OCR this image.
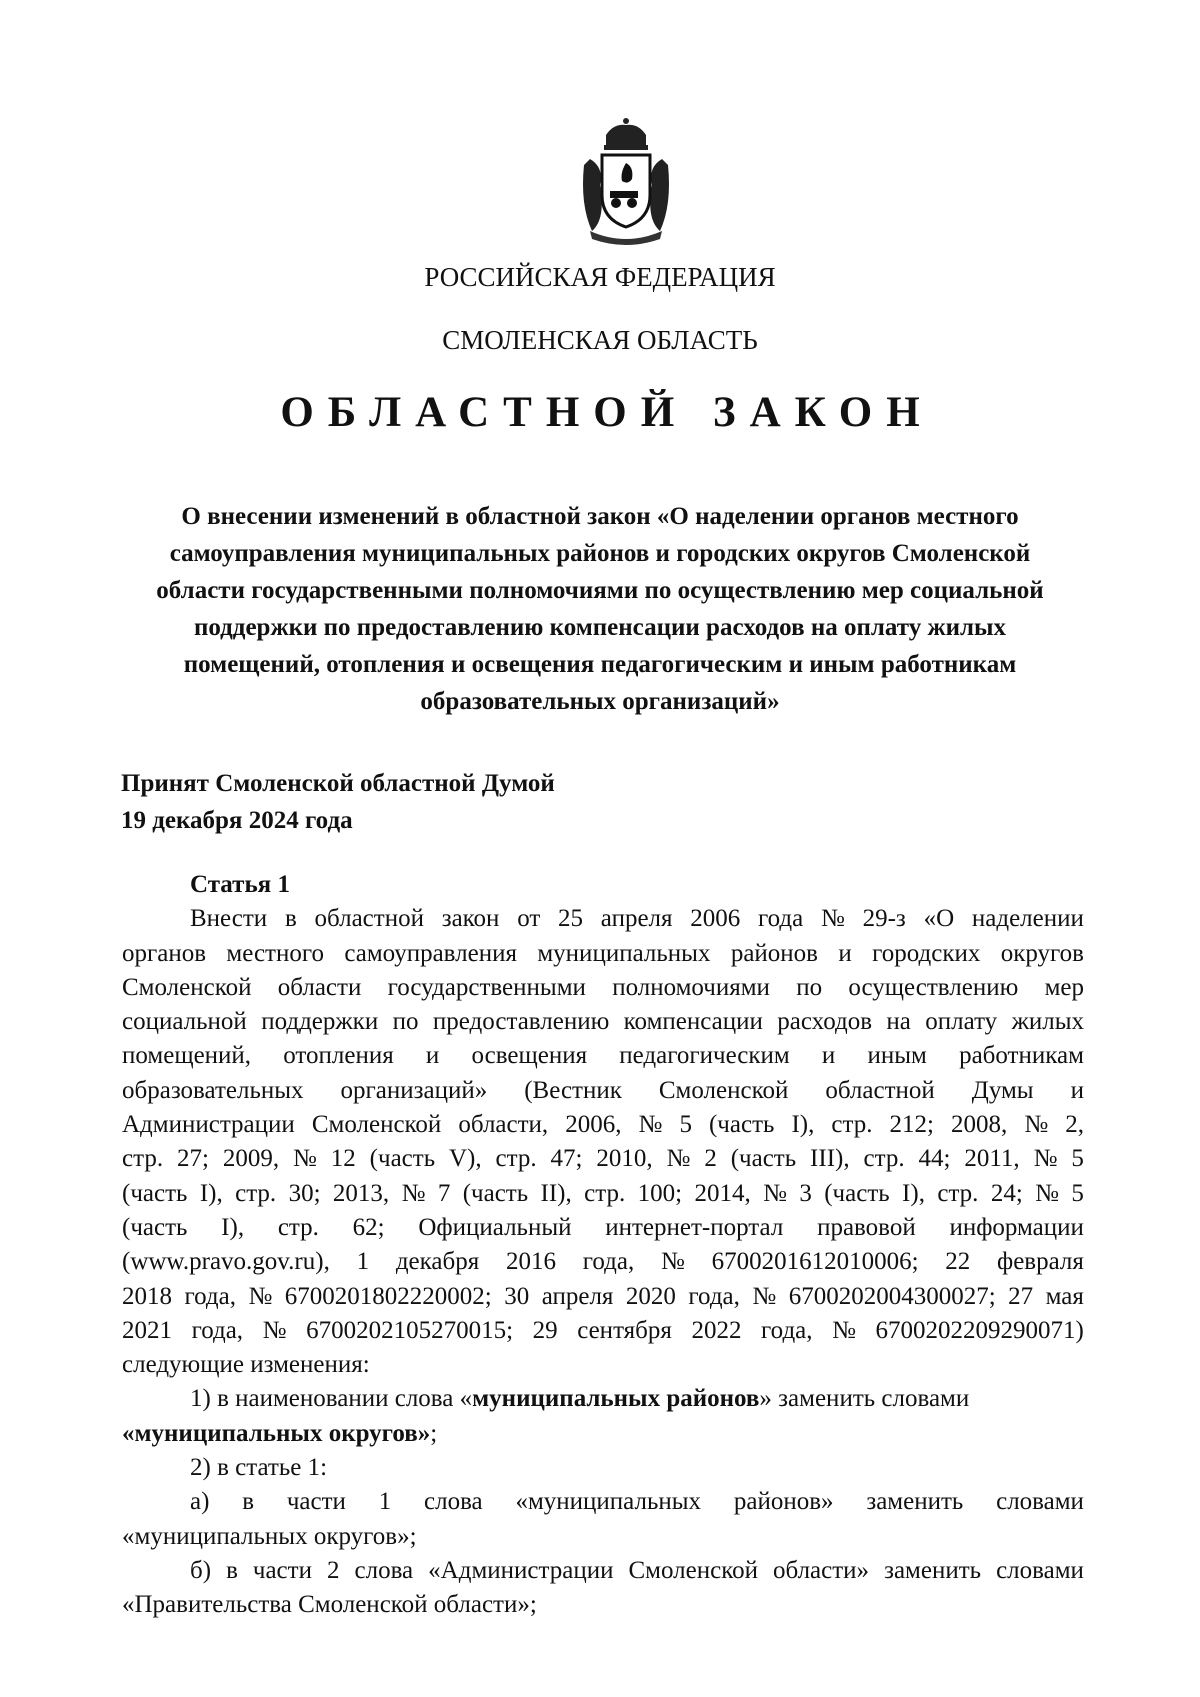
РОССИЙСКАЯ ФЕДЕРАЦИЯ
СМОЛЕНСКАЯ ОБЛАСТЬ
ОБЛАСТНОЙ ЗАКОН
О внесении изменений в областной закон «О наделении органов местного
самоуправления муниципальных районов и городских округов Смоленской
области государственными полномочиями по осуществлению мер социальной
поддержки по предоставлению компенсации расходов на оплату жилых
помещений, отопления и освещения педагогическим и иным работникам
образовательных организаций»
Принят Смоленской областной Думой
19 декабря 2024 года
Статья 1
Внести в областной закон от 25 апреля 2006 года № 29-з «О наделении
органов местного самоуправления муниципальных районов и городских округов
Смоленской области государственными полномочиями по осуществлению мер
социальной поддержки по предоставлению компенсации расходов на оплату жилых
помещений, отопления и освещения педагогическим и иным работникам
образовательных организаций» (Вестник Смоленской областной Думы и
Администрации Смоленской области, 2006, № 5 (часть I), стр. 212; 2008, № 2,
стр. 27; 2009, № 12 (часть V), стр. 47; 2010, № 2 (часть III), стр. 44; 2011, № 5
(часть I), стр. 30; 2013, № 7 (часть II), стр. 100; 2014, № 3 (часть I), стр. 24; № 5
(часть I), стр. 62; Официальный интернет-портал правовой информации
(www.pravo.gov.ru), 1 декабря 2016 года, № 6700201612010006; 22 февраля
2018 года, № 6700201802220002; 30 апреля 2020 года, № 6700202004300027; 27 мая
2021 года, № 6700202105270015; 29 сентября 2022 года, № 6700202209290071)
следующие изменения:
1) в наименовании слова «муниципальных районов» заменить словами
«муниципальных округов»;
2) в статье 1:
а) в части 1 слова «муниципальных районов» заменить словами
«муниципальных округов»;
б) в части 2 слова «Администрации Смоленской области» заменить словами
«Правительства Смоленской области»;
